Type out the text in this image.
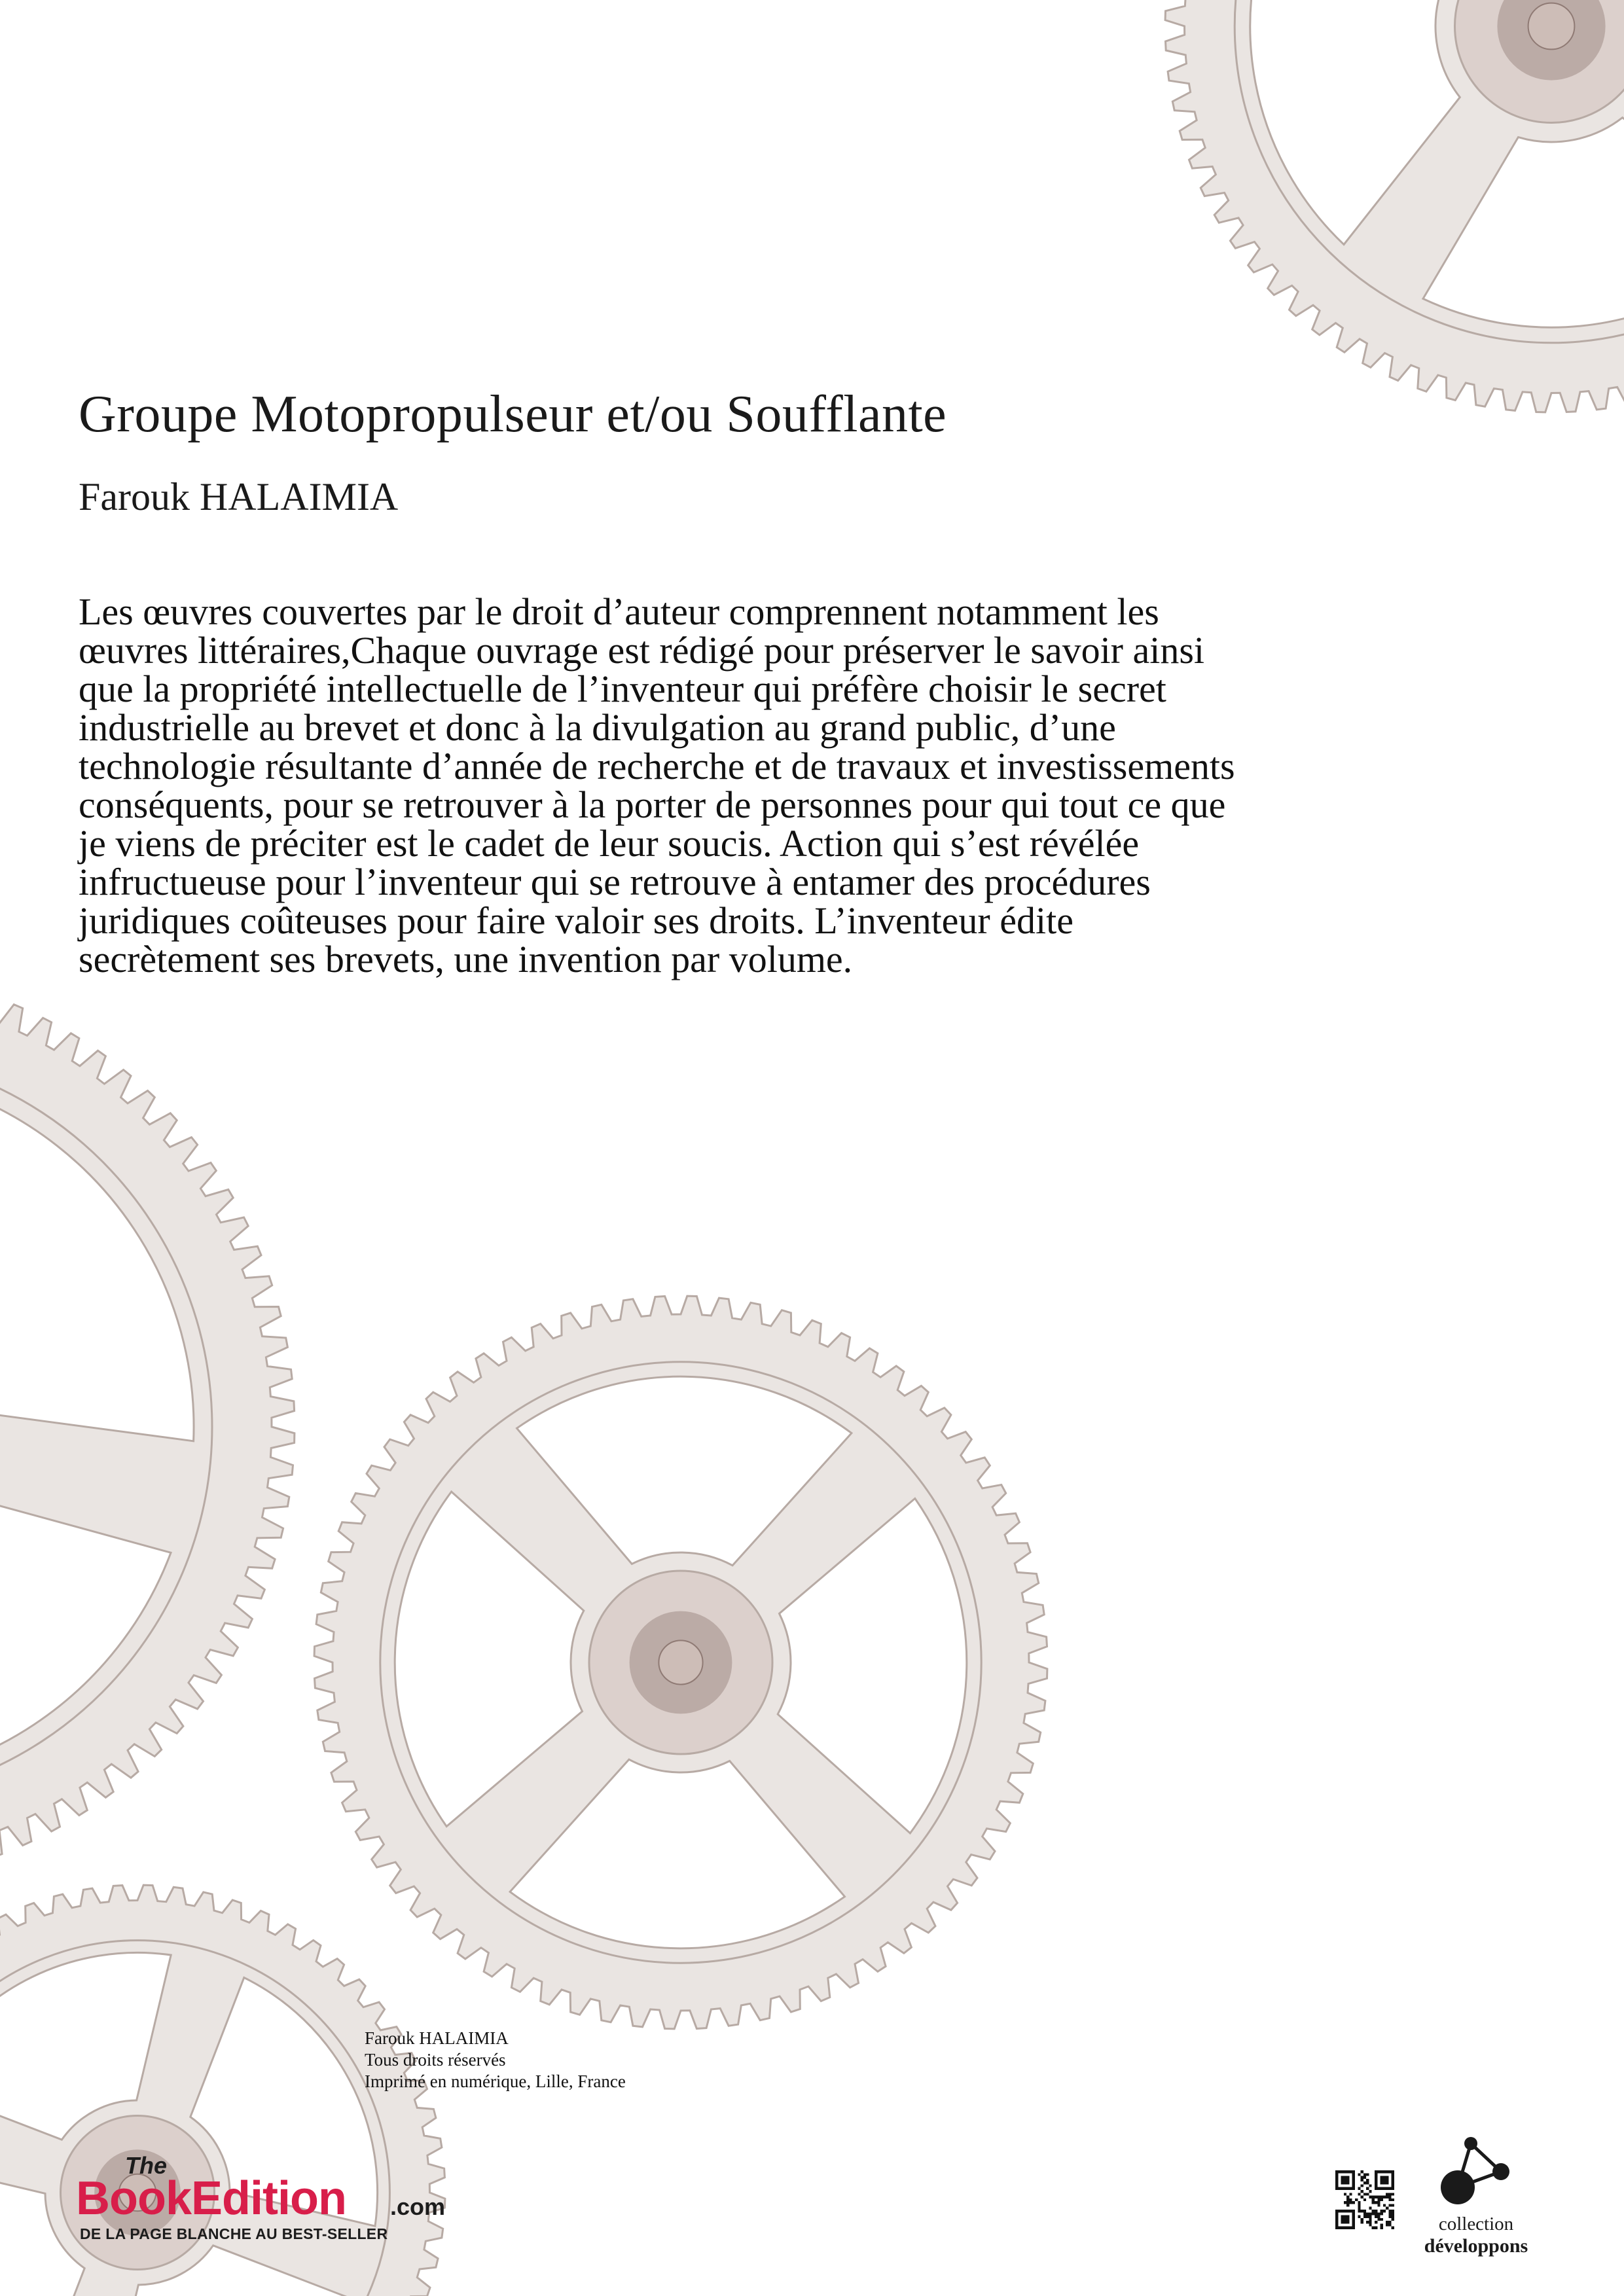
Groupe Motopropulseur et/ou Soufflante
Farouk HALAIMIA

Les œuvres couvertes par le droit d’auteur comprennent notamment les œuvres littéraires,Chaque ouvrage est rédigé pour préserver le savoir ainsi que la propriété intellectuelle de l’inventeur qui préfère choisir le secret industrielle au brevet et donc à la divulgation au grand public, d’une technologie résultante d’année de recherche et de travaux et investissements conséquents, pour se retrouver à la porter de personnes pour qui tout ce que je viens de préciter est le cadet de leur soucis. Action qui s’est révélée infructueuse pour l’inventeur qui se retrouve à entamer des procédures juridiques coûteuses pour faire valoir ses droits. L’inventeur édite secrètement ses brevets, une invention par volume.

Farouk HALAIMIA
Tous droits réservés
Imprimé en numérique, Lille, France
The
BookEdition .com
DE LA PAGE BLANCHE AU BEST-SELLER	collection
développons
